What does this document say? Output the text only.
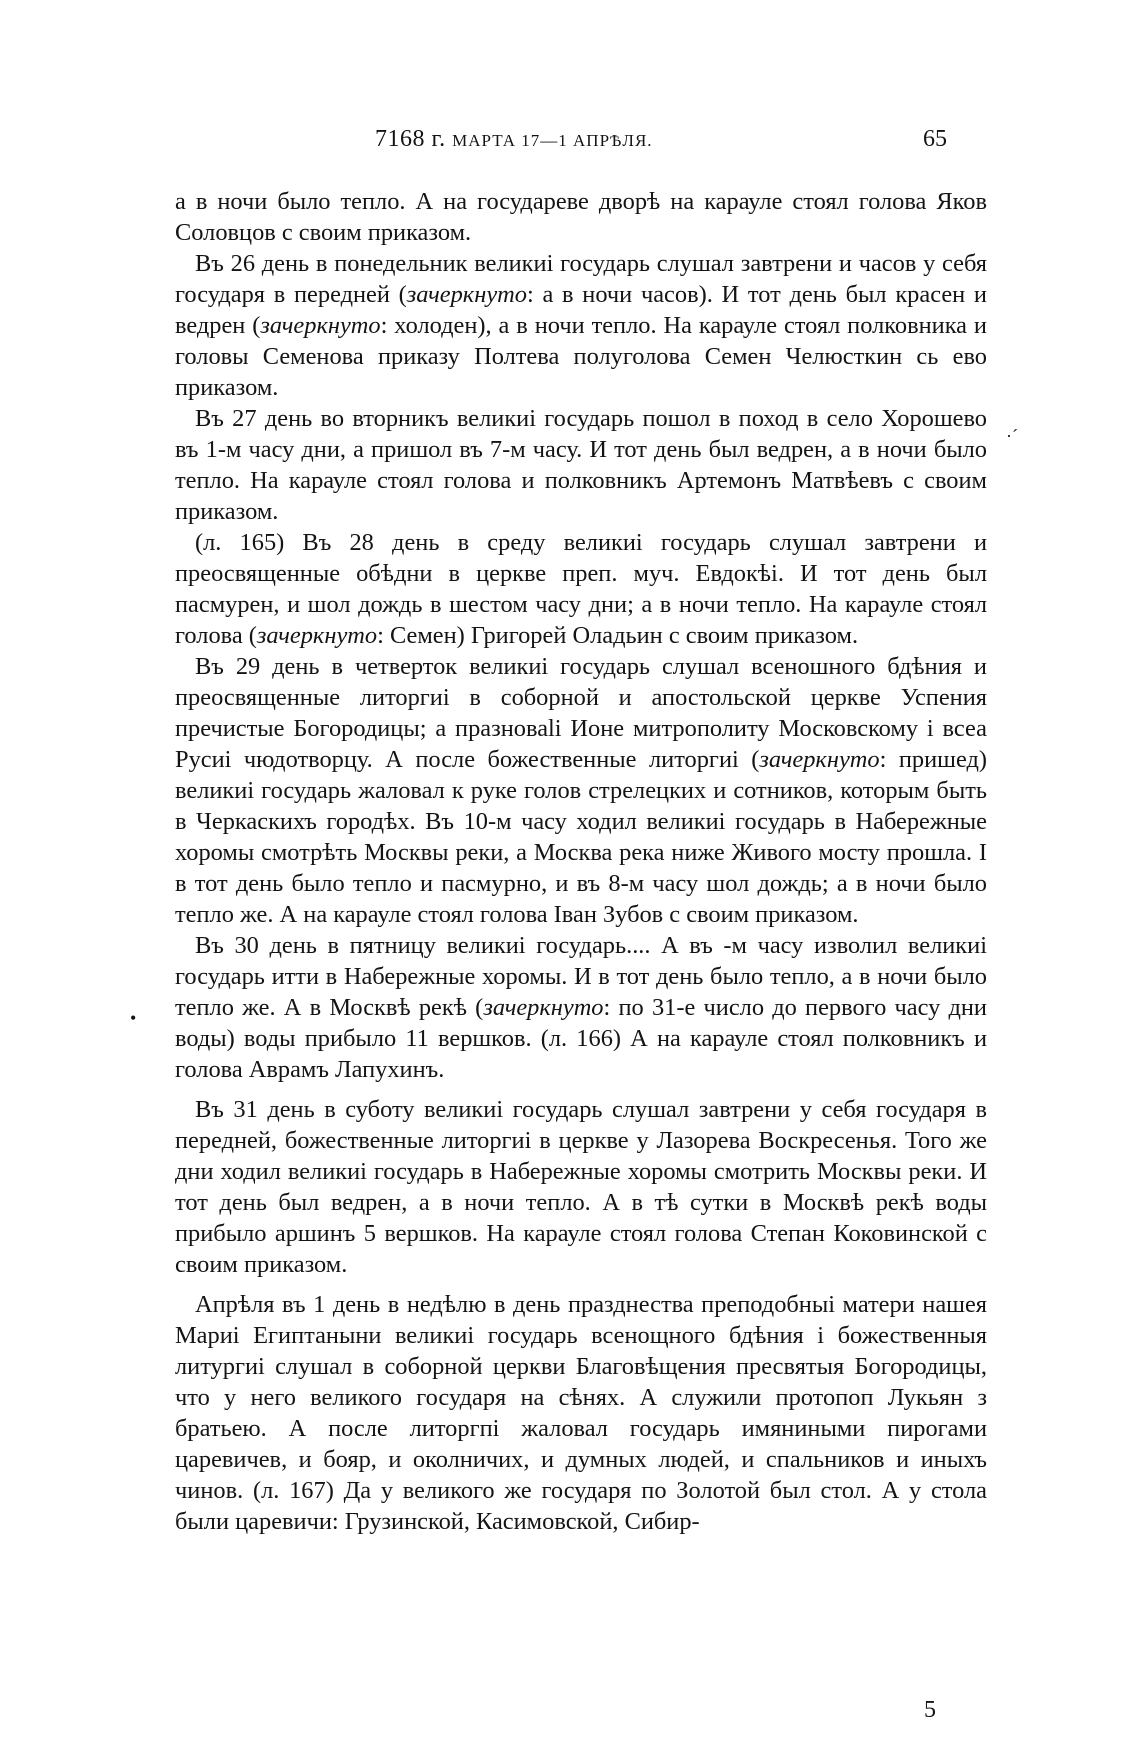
7168 г. МАРТА 17—1 АПРѢЛЯ.	65

а в ночи было тепло. А на государеве дворѣ на карауле стоял голова Яков Соловцов с своим приказом.

Въ 26 день в понедельник великиі государь слушал завтрени и часов у себя государя в передней (зачеркнуто: а в ночи часов). И тот день был красен и ведрен (зачеркнуто: холоден), а в ночи тепло. На карауле стоял полковника и головы Семенова приказу Полтева полуголова Семен Челюсткин сь ево приказом.

Въ 27 день во вторникъ великиі государь пошол в поход в село Хорошево въ 1-м часу дни, а пришол въ 7-м часу. И тот день был ведрен, а в ночи было тепло. На карауле стоял голова и полковникъ Артемонъ Матвѣевъ с своим приказом.

(л. 165) Въ 28 день в среду великиі государь слушал завтрени и преосвященные обѣдни в церкве преп. муч. Евдокѣі. И тот день был пасмурен, и шол дождь в шестом часу дни; а в ночи тепло. На карауле стоял голова (зачеркнуто: Семен) Григорей Оладьин с своим приказом.

Въ 29 день в четверток великиі государь слушал всеношного бдѣния и преосвященные литоргиі в соборной и апостольской церкве Успения пречистые Богородицы; а празноваli Ионе митрополиту Московскому і всеа Русиі чюдотворцу. А после божественные литоргиі (зачеркнуто: пришед) великиі государь жаловал к руке голов стрелецких и сотников, которым быть в Черкаскихъ городѣх. Въ 10-м часу ходил великиі государь в Набережные хоромы смотрѣть Москвы реки, а Москва река ниже Живого мосту прошла. І в тот день было тепло и пасмурно, и въ 8-м часу шол дождь; а в ночи было тепло же. А на карауле стоял голова Іван Зубов с своим приказом.

Въ 30 день в пятницу великиі государь.... А въ -м часу изволил великиі государь итти в Набережные хоромы. И в тот день было тепло, а в ночи было тепло же. А в Москвѣ рекѣ (зачеркнуто: по 31-е число до первого часу дни воды) воды прибыло 11 вершков. (л. 166) А на карауле стоял полковникъ и голова Аврамъ Лапухинъ.

Въ 31 день в суботу великиі государь слушал завтрени у себя государя в передней, божественные литоргиі в церкве у Лазорева Воскресенья. Того же дни ходил великиі государь в Набережные хоромы смотрить Москвы реки. И тот день был ведрен, а в ночи тепло. А в тѣ сутки в Москвѣ рекѣ воды прибыло аршинъ 5 вершков. На карауле стоял голова Степан Коковинской с своим приказом.

Апрѣля въ 1 день в недѣлю в день празднества преподобныі матери нашея Мариі Египтаныни великиі государь всенощного бдѣния і божественныя литургиі слушал в соборной церкви Благовѣщения пресвятыя Богородицы, что у него великого государя на сѣнях. А служили протопоп Лукьян з братьею. А после литоргпі жаловал государь имяниными пирогами царевичев, и бояр, и околничих, и думных людей, и спальников и иныхъ чинов. (л. 167) Да у великого же государя по Золотой был стол. А у стола были царевичи: Грузинской, Касимовской, Сибир-

5
·ˊ
•
